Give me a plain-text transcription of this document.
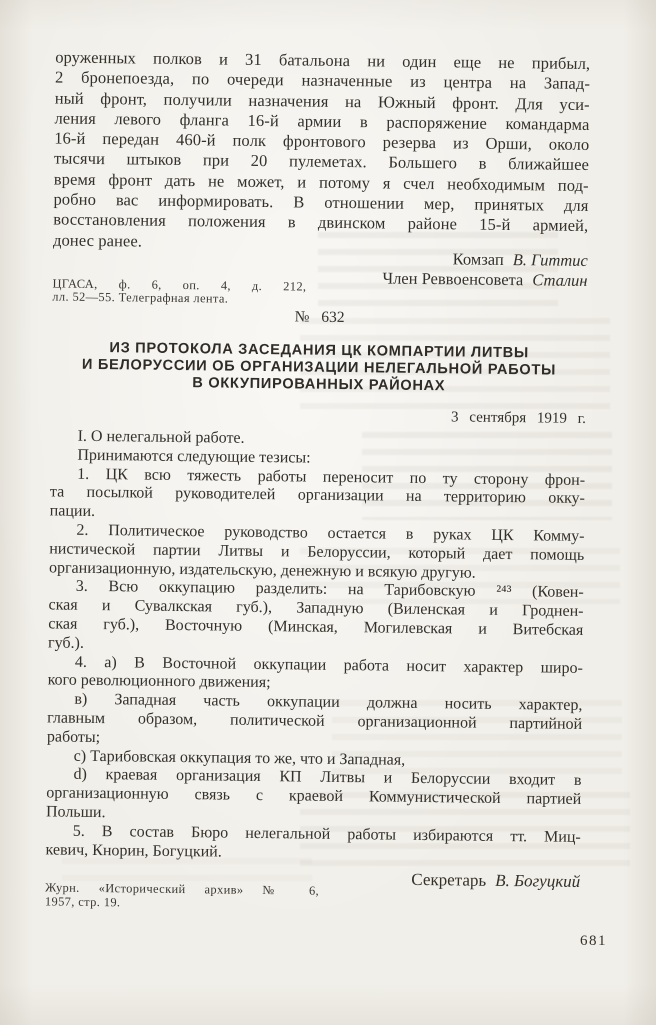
оруженных полков и 31 батальона ни один еще не прибыл,
2 бронепоезда, по очереди назначенные из центра на Запад-
ный фронт, получили назначения на Южный фронт. Для уси-
ления левого фланга 16-й армии в распоряжение командарма
16-й передан 460-й полк фронтового резерва из Орши, около
тысячи штыков при 20 пулеметах. Большего в ближайшее
время фронт дать не может, и потому я счел необходимым под-
робно вас информировать. В отношении мер, принятых для
восстановления положения в двинском районе 15-й армией,
донес ранее.
Комзап В. Гиттис
Член Реввоенсовета Сталин
ЦГАСА, ф. 6, оп. 4, д. 212,
лл. 52—55. Телеграфная лента.
№ 632
ИЗ ПРОТОКОЛА ЗАСЕДАНИЯ ЦК КОМПАРТИИ ЛИТВЫ
И БЕЛОРУССИИ ОБ ОРГАНИЗАЦИИ НЕЛЕГАЛЬНОЙ РАБОТЫ
В ОККУПИРОВАННЫХ РАЙОНАХ
3 сентября 1919 г.
I. О нелегальной работе.
Принимаются следующие тезисы:
1. ЦК всю тяжесть работы переносит по ту сторону фрон-
та посылкой руководителей организации на территорию окку-
пации.
2. Политическое руководство остается в руках ЦК Комму-
нистической партии Литвы и Белоруссии, который дает помощь
организационную, издательскую, денежную и всякую другую.
3. Всю оккупацию разделить: на Тарибовскую ²⁴³ (Ковен-
ская и Сувалкская губ.), Западную (Виленская и Гроднен-
ская губ.), Восточную (Минская, Могилевская и Витебская
губ.).
4. а) В Восточной оккупации работа носит характер широ-
кого революционного движения;
в) Западная часть оккупации должна носить характер,
главным образом, политической организационной партийной
работы;
с) Тарибовская оккупация то же, что и Западная,
d) краевая организация КП Литвы и Белоруссии входит в
организационную связь с краевой Коммунистической партией
Польши.
5. В состав Бюро нелегальной работы избираются тт. Миц-
кевич, Кнорин, Богуцкий.
Секретарь В. Богуцкий
Журн. «Исторический архив» № 6,
1957, стр. 19.
681
